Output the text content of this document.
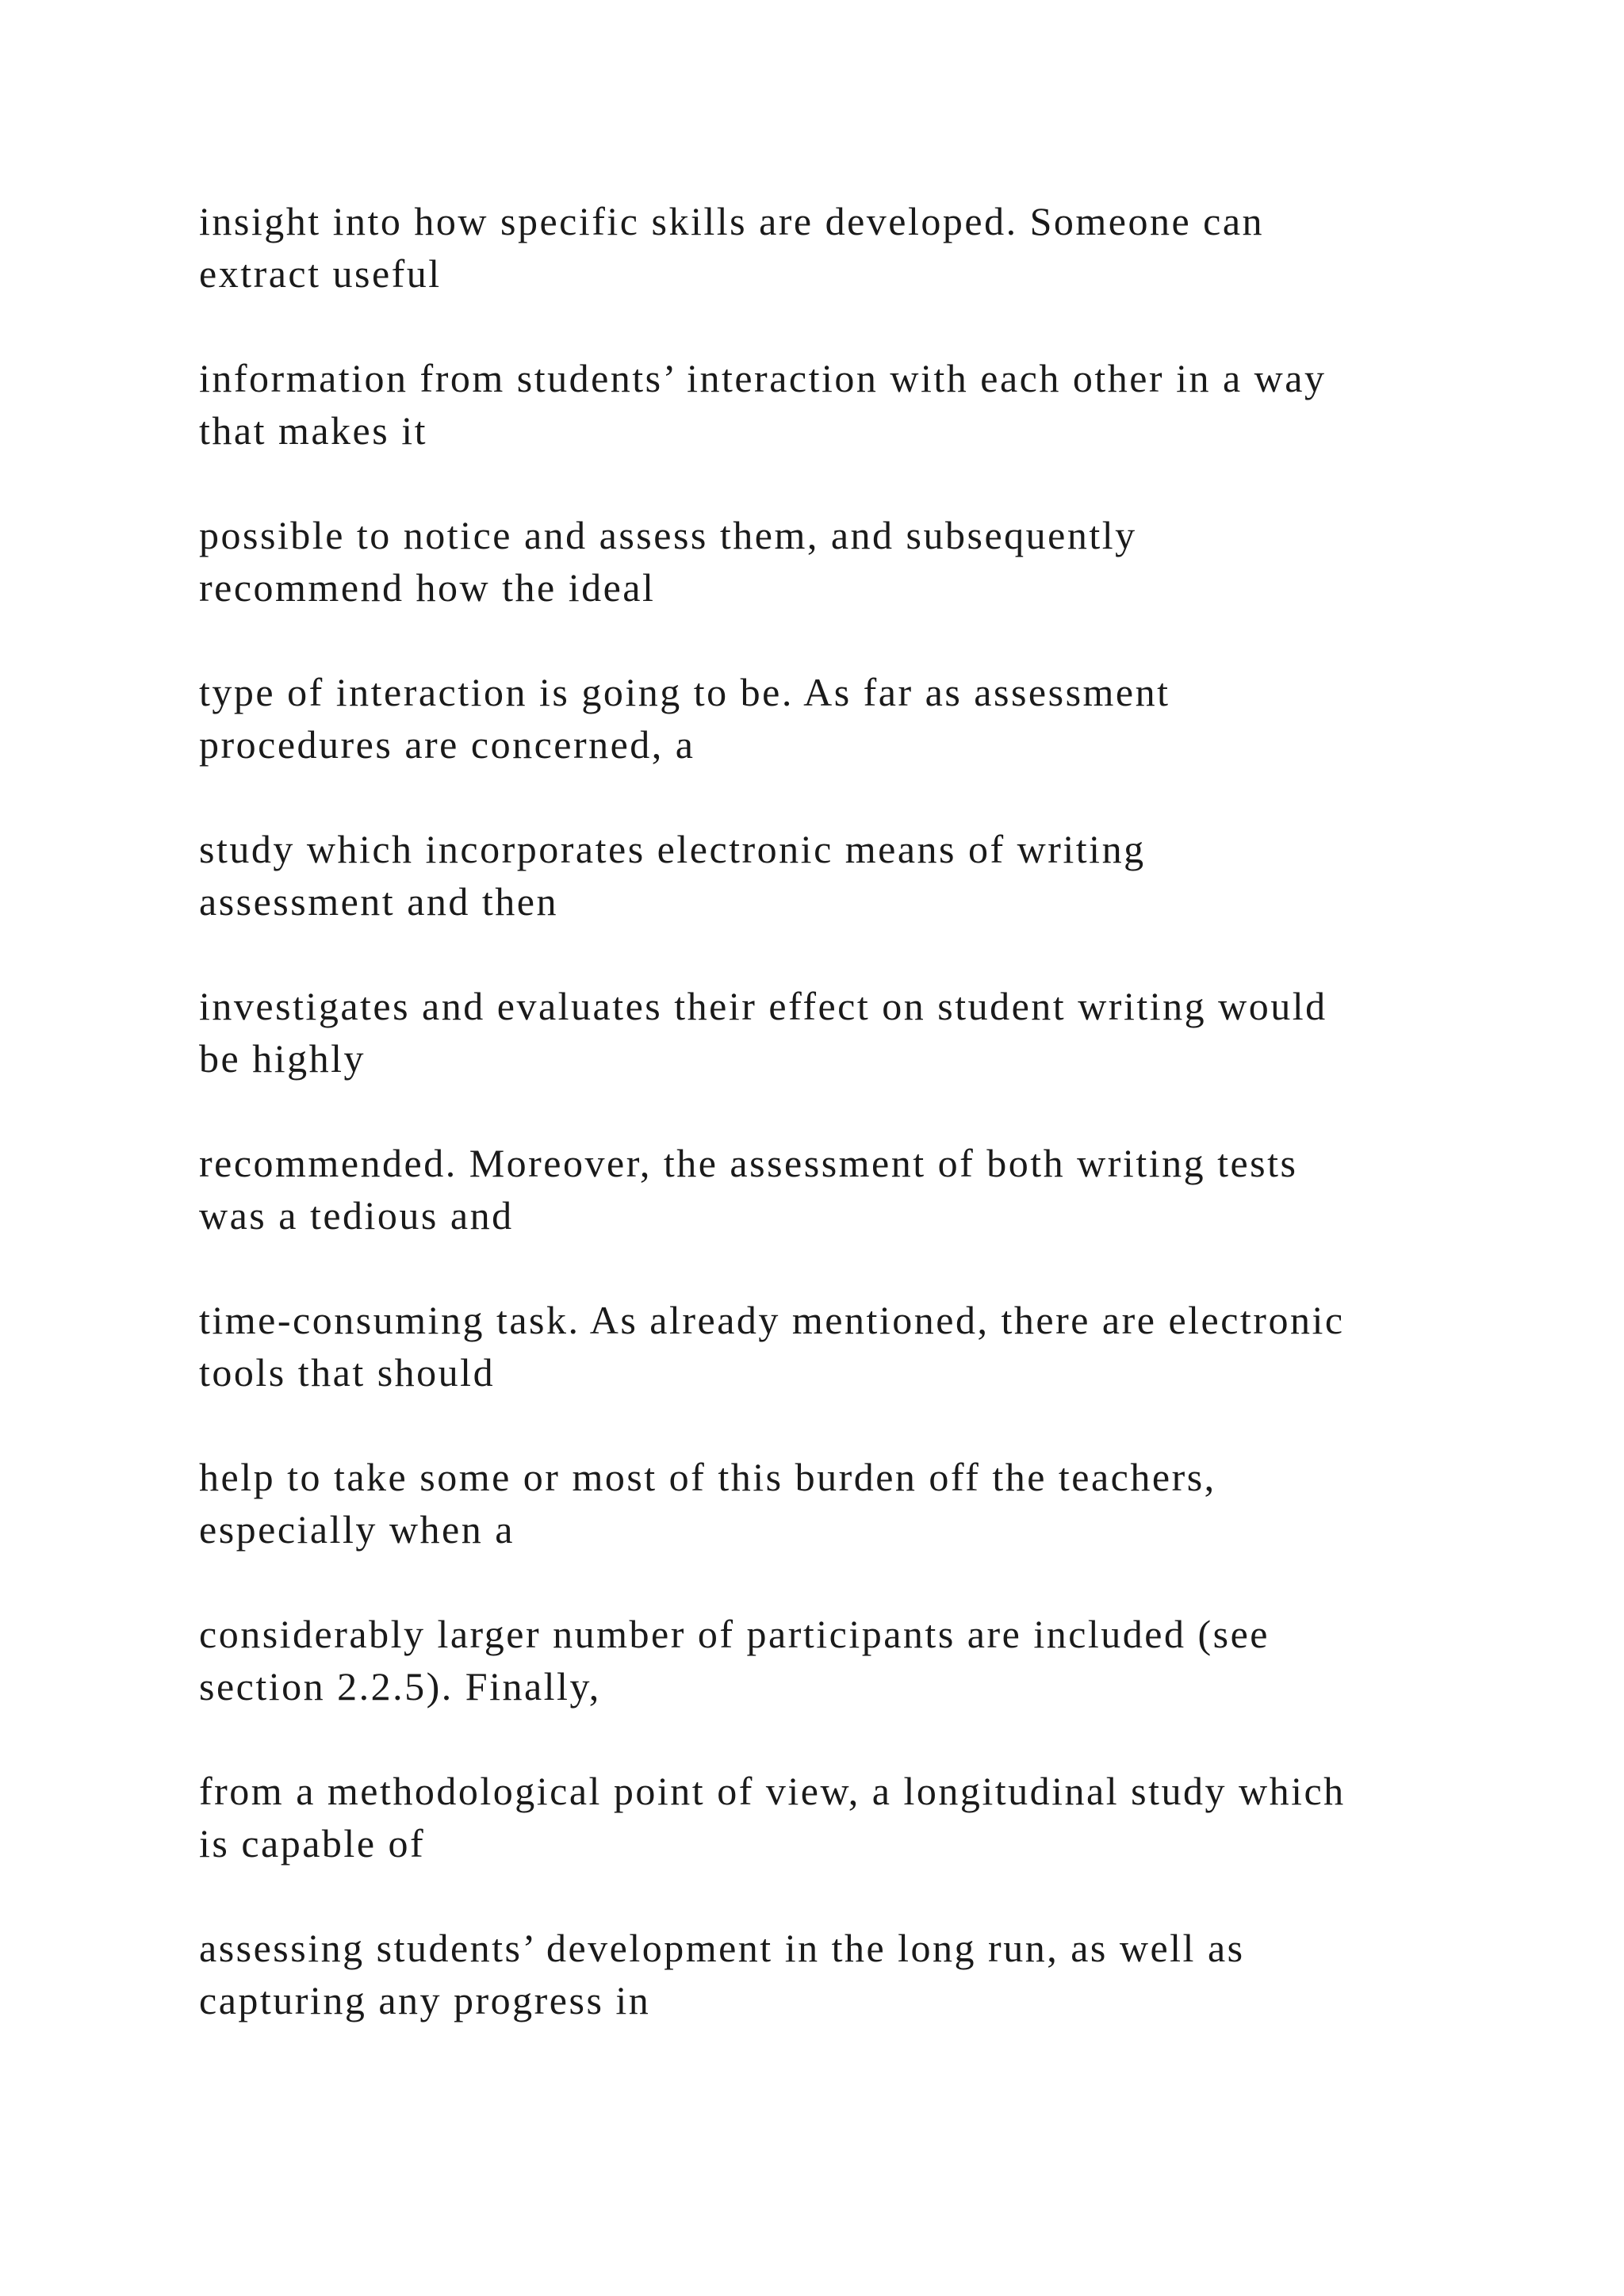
insight into how specific skills are developed. Someone can
extract useful

information from students’ interaction with each other in a way
that makes it

possible to notice and assess them, and subsequently
recommend how the ideal

type of interaction is going to be. As far as assessment
procedures are concerned, a

study which incorporates electronic means of writing
assessment and then

investigates and evaluates their effect on student writing would
be highly

recommended. Moreover, the assessment of both writing tests
was a tedious and

time-consuming task. As already mentioned, there are electronic
tools that should

help to take some or most of this burden off the teachers,
especially when a

considerably larger number of participants are included (see
section 2.2.5). Finally,

from a methodological point of view, a longitudinal study which
is capable of

assessing students’ development in the long run, as well as
capturing any progress in
